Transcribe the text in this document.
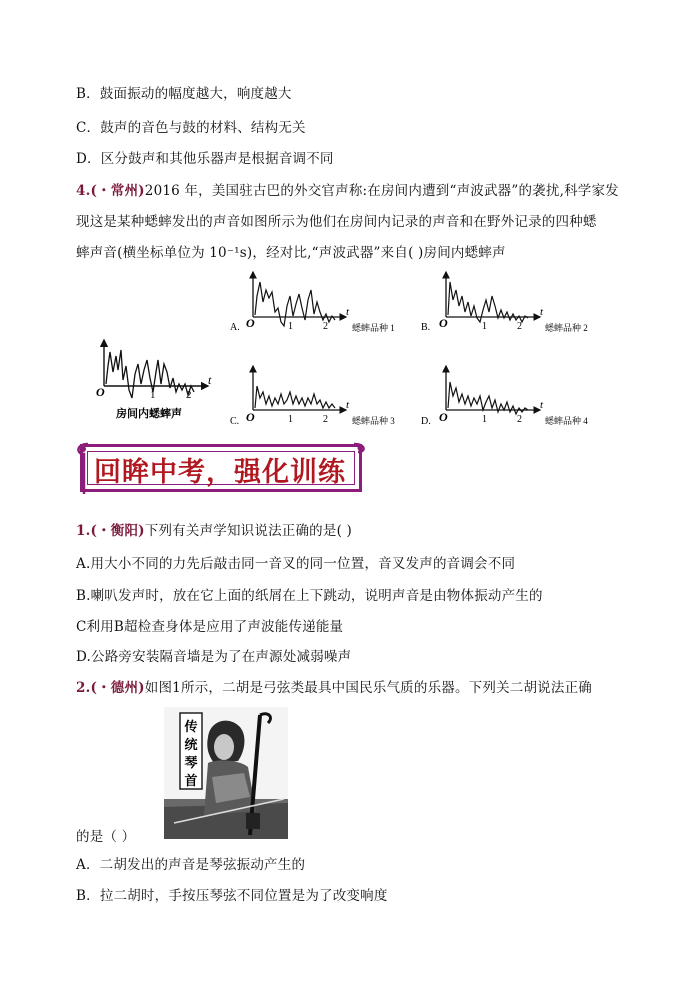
B．鼓面振动的幅度越大，响度越大
C．鼓声的音色与鼓的材料、结构无关
D．区分鼓声和其他乐器声是根据音调不同
4.(・常州)2016 年，美国驻古巴的外交官声称:在房间内遭到“声波武器”的袭扰,科学家发
现这是某种蟋蟀发出的声音如图所示为他们在房间内记录的声音和在野外记录的四种蟋
蟀声音(横坐标单位为 10⁻¹s)，经对比,“声波武器”来自( )房间内蟋蟀声
O
t
1	2
房间内蟋蟀声
O
t
1	2
A.	蟋蟀品种 1	O
t
1	2
B.	蟋蟀品种 2
O
t
1	2
C.	蟋蟀品种 3	O
t
1	2
D.	蟋蟀品种 4
回眸中考，强化训练
1.(・衡阳)下列有关声学知识说法正确的是( )
A.用大小不同的力先后敲击同一音叉的同一位置，音叉发声的音调会不同
B.喇叭发声时，放在它上面的纸屑在上下跳动，说明声音是由物体振动产生的
C利用B超检查身体是应用了声波能传递能量
D.公路旁安装隔音墙是为了在声源处减弱噪声
2.(・德州)如图1所示，二胡是弓弦类最具中国民乐气质的乐器。下列关二胡说法正确
传
统
琴
首
的是（ ）
A．二胡发出的声音是琴弦振动产生的
B．拉二胡时，手按压琴弦不同位置是为了改变响度
